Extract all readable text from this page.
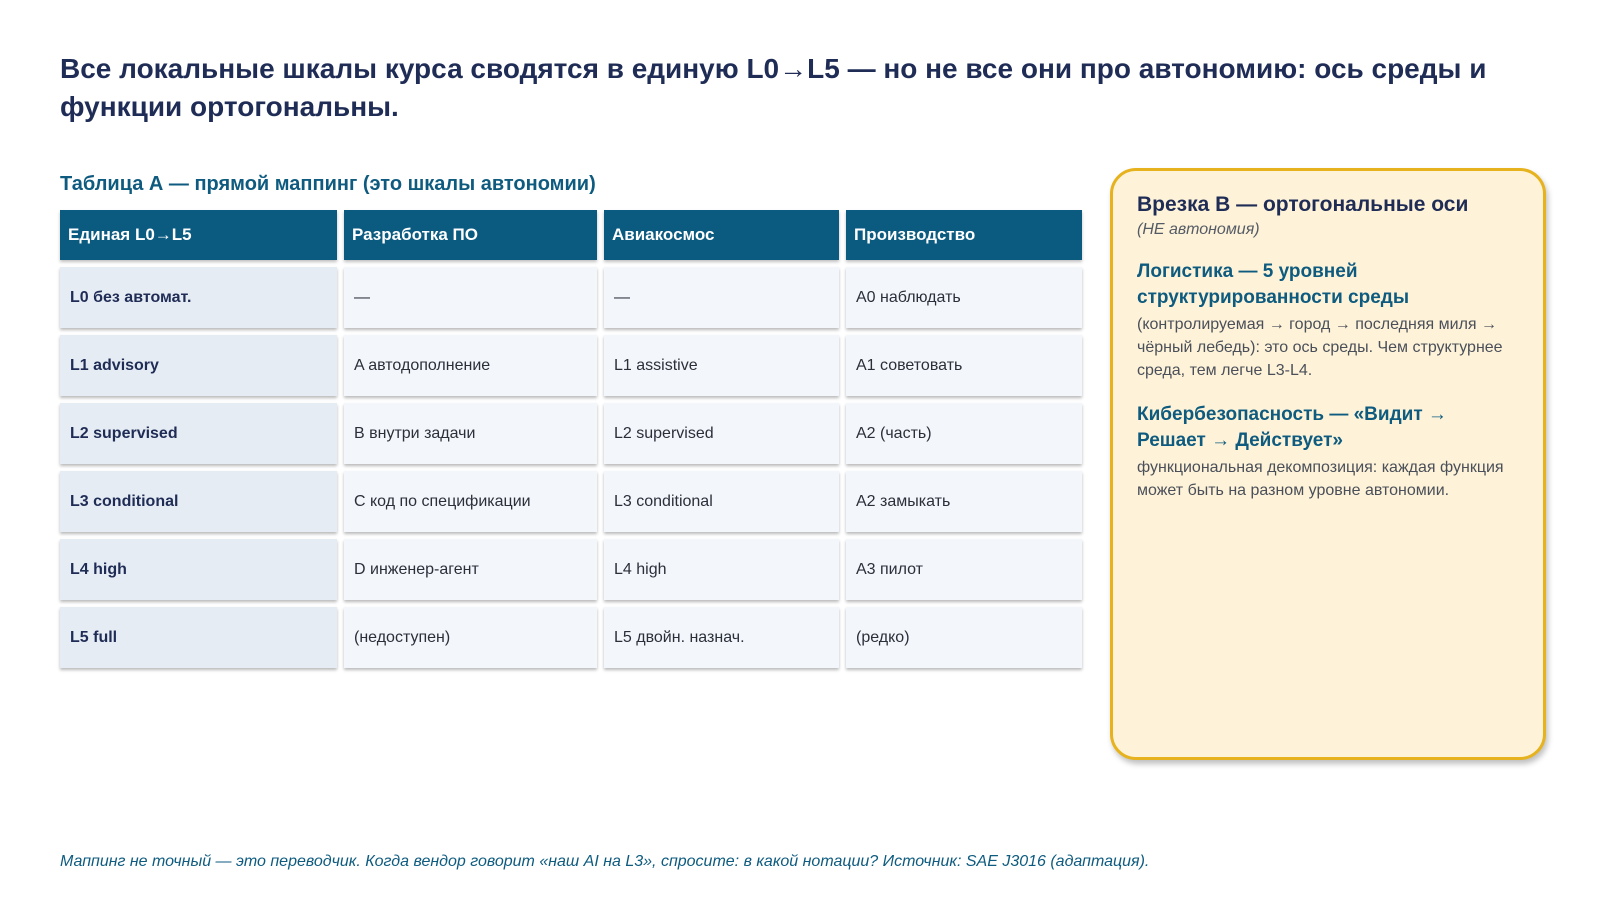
Все локальные шкалы курса сводятся в единую L0→L5 — но не все они про автономию: ось среды и функции ортогональны.
Таблица А — прямой маппинг (это шкалы автономии)
Единая L0→L5	Разработка ПО	Авиакосмос	Производство
L0 без автомат.	—	—	A0 наблюдать
L1 advisory	A автодополнение	L1 assistive	A1 советовать
L2 supervised	B внутри задачи	L2 supervised	A2 (часть)
L3 conditional	C код по спецификации	L3 conditional	A2 замыкать
L4 high	D инженер-агент	L4 high	A3 пилот
L5 full	(недоступен)	L5 двойн. назнач.	(редко)
Врезка B — ортогональные оси
(НЕ автономия)
Логистика — 5 уровней структурированности среды
(контролируемая → город → последняя миля → чёрный лебедь): это ось среды. Чем структурнее среда, тем легче L3-L4.
Кибербезопасность — «Видит → Решает → Действует»
функциональная декомпозиция: каждая функция может быть на разном уровне автономии.

Маппинг не точный — это переводчик. Когда вендор говорит «наш AI на L3», спросите: в какой нотации? Источник: SAE J3016 (адаптация).
